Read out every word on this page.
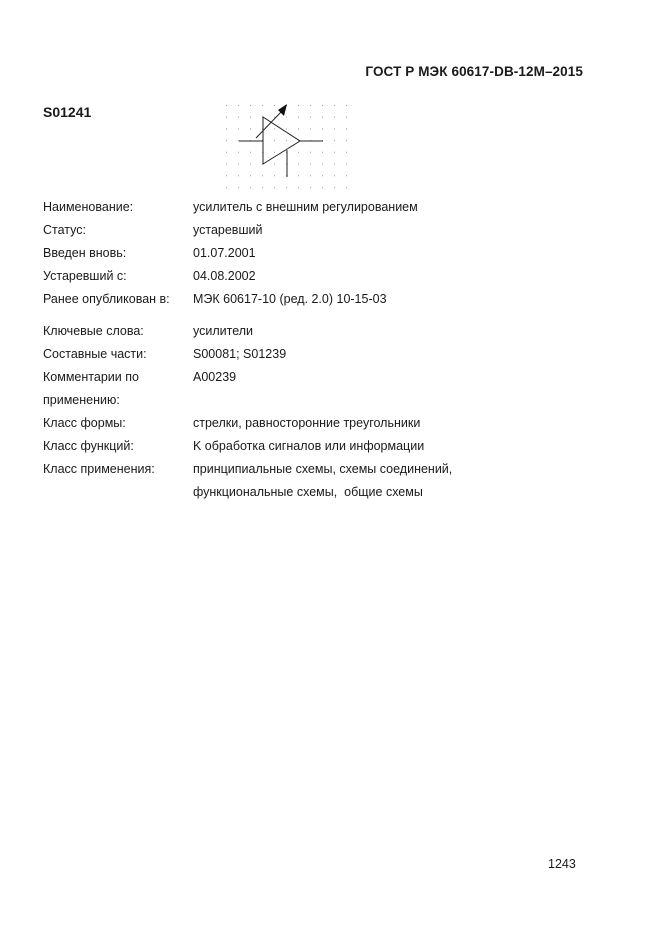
ГОСТ Р МЭК 60617-DB-12М–2015
S01241
Наименование:	усилитель с внешним регулированием
Статус:	устаревший
Введен вновь:	01.07.2001
Устаревший с:	04.08.2002
Ранее опубликован в:	МЭК 60617-10 (ред. 2.0) 10-15-03
Ключевые слова:	усилители
Составные части:	S00081; S01239
Комментарии по	A00239
применению:
Класс формы:	стрелки, равносторонние треугольники
Класс функций:	K обработка сигналов или информации
Класс применения:	принципиальные схемы, схемы соединений,
функциональные схемы,  общие схемы
1243
